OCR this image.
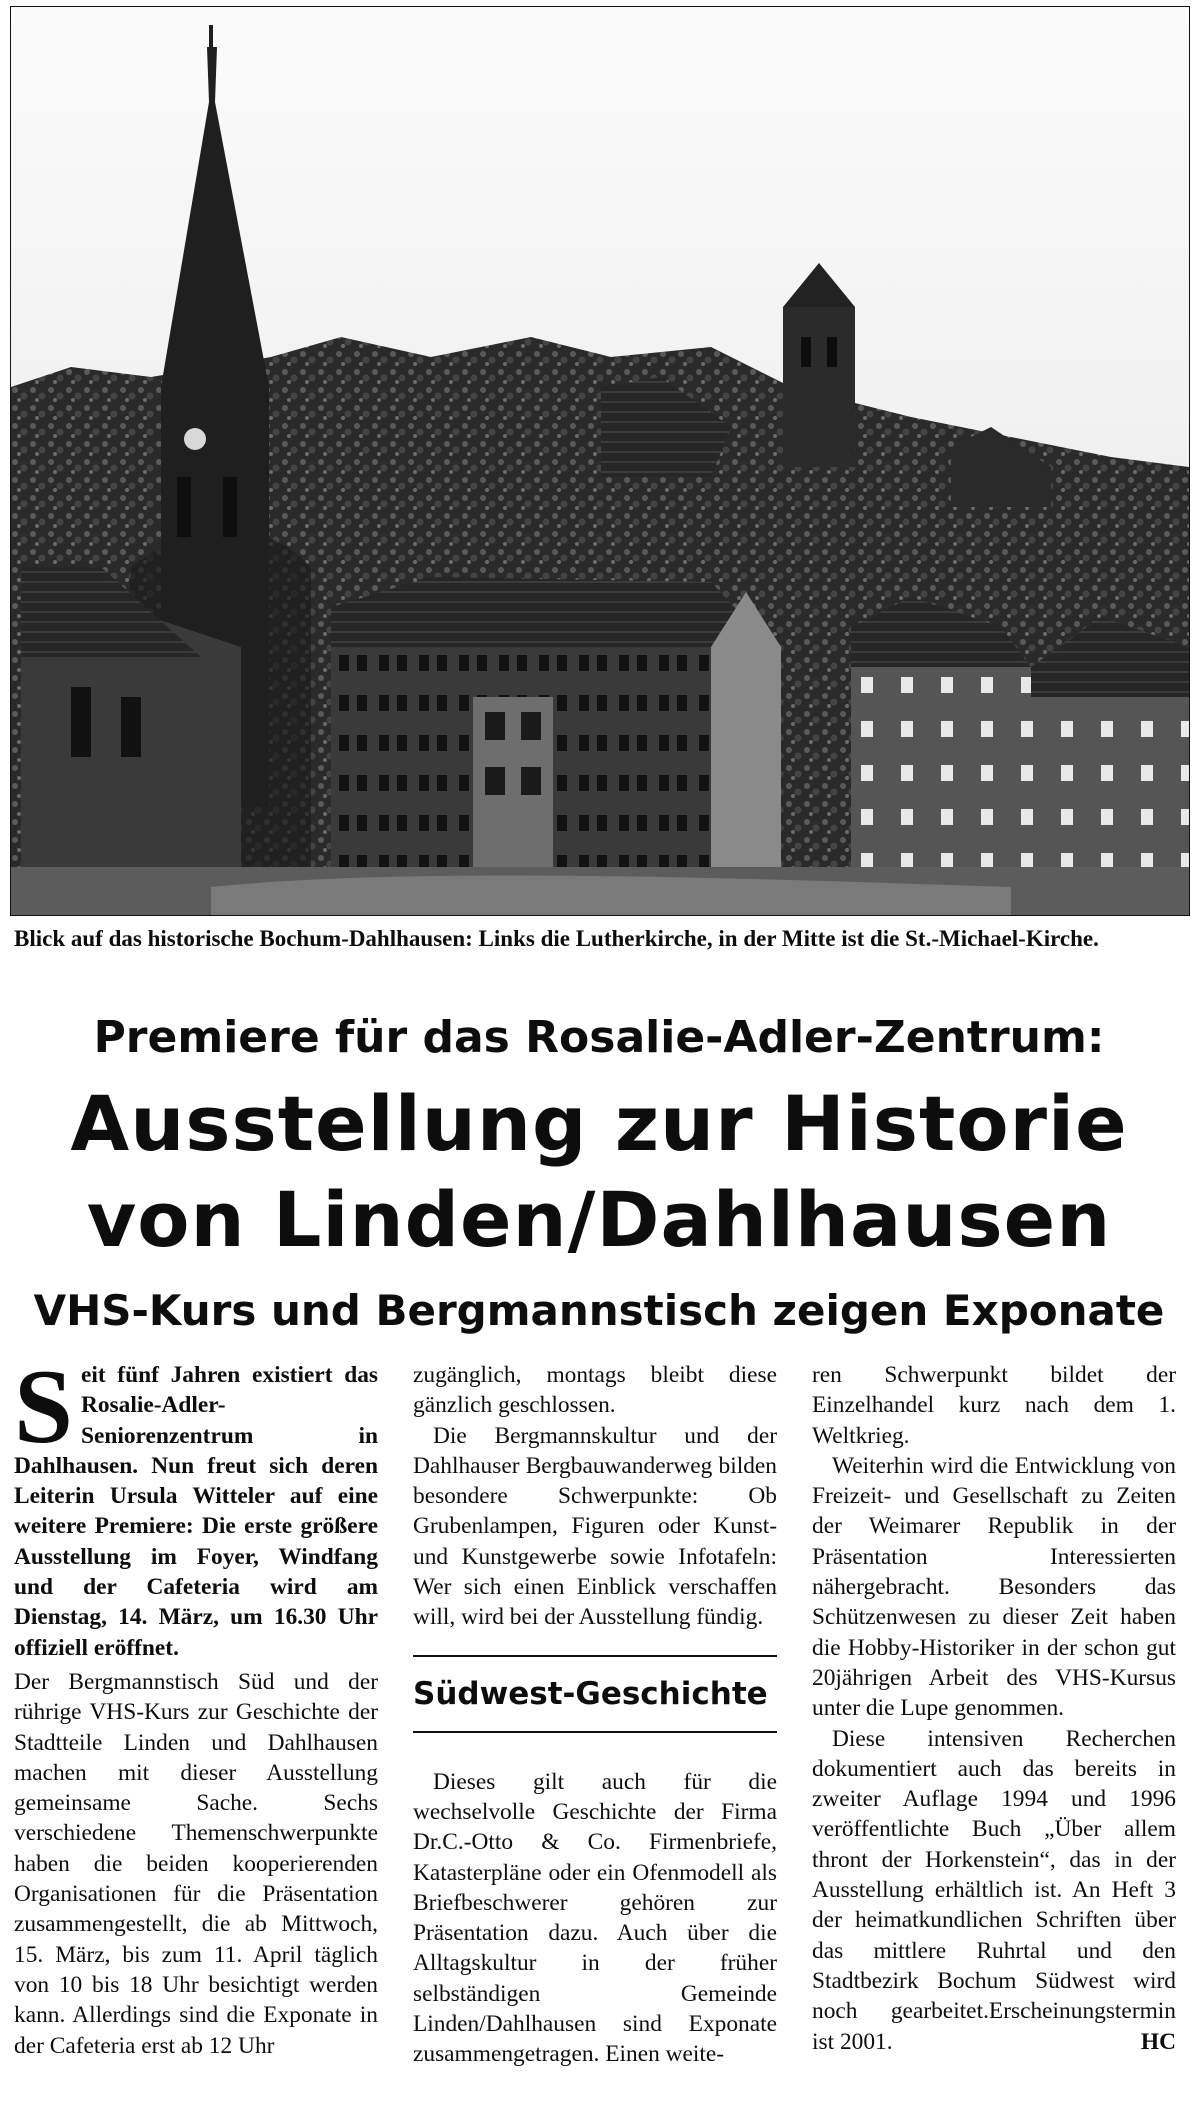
Blick auf das historische Bochum-Dahlhausen: Links die Lutherkirche, in der Mitte ist die St.-Michael-Kirche.

Premiere für das Rosalie-Adler-Zentrum:
Ausstellung zur Historie
von Linden/Dahlhausen
VHS-Kurs und Bergmannstisch zeigen Exponate

S eit fünf Jahren existiert das Rosalie-Adler-Seniorenzentrum in Dahlhausen. Nun freut sich deren Leiterin Ursula Witteler auf eine weitere Premiere: Die erste größere Ausstellung im Foyer, Windfang und der Cafeteria wird am Dienstag, 14. März, um 16.30 Uhr offiziell eröffnet.

Der Bergmannstisch Süd und der rührige VHS-Kurs zur Geschichte der Stadtteile Linden und Dahlhausen machen mit dieser Ausstellung gemeinsame Sache. Sechs verschiedene Themenschwerpunkte haben die beiden kooperierenden Organisationen für die Präsentation zusammengestellt, die ab Mittwoch, 15. März, bis zum 11. April täglich von 10 bis 18 Uhr besichtigt werden kann. Allerdings sind die Exponate in der Cafeteria erst ab 12 Uhr

zugänglich, montags bleibt diese gänzlich geschlossen.

Die Bergmannskultur und der Dahlhauser Bergbauwanderweg bilden besondere Schwerpunkte: Ob Grubenlampen, Figuren oder Kunst- und Kunstgewerbe sowie Infotafeln: Wer sich einen Einblick verschaffen will, wird bei der Ausstellung fündig.

Südwest-Geschichte

Dieses gilt auch für die wechselvolle Geschichte der Firma Dr.C.-Otto & Co. Firmenbriefe, Katasterpläne oder ein Ofenmodell als Briefbeschwerer gehören zur Präsentation dazu. Auch über die Alltagskultur in der früher selbständigen Gemeinde Linden/Dahlhausen sind Exponate zusammengetragen. Einen weite-

ren Schwerpunkt bildet der Einzelhandel kurz nach dem 1. Weltkrieg.

Weiterhin wird die Entwicklung von Freizeit- und Gesellschaft zu Zeiten der Weimarer Republik in der Präsentation Interessierten nähergebracht. Besonders das Schützenwesen zu dieser Zeit haben die Hobby-Historiker in der schon gut 20jährigen Arbeit des VHS-Kursus unter die Lupe genommen.

Diese intensiven Recherchen dokumentiert auch das bereits in zweiter Auflage 1994 und 1996 veröffentlichte Buch „Über allem thront der Horkenstein“, das in der Ausstellung erhältlich ist. An Heft 3 der heimatkundlichen Schriften über das mittlere Ruhrtal und den Stadtbezirk Bochum Südwest wird noch gearbeitet.Erscheinungstermin ist 2001.	HC
